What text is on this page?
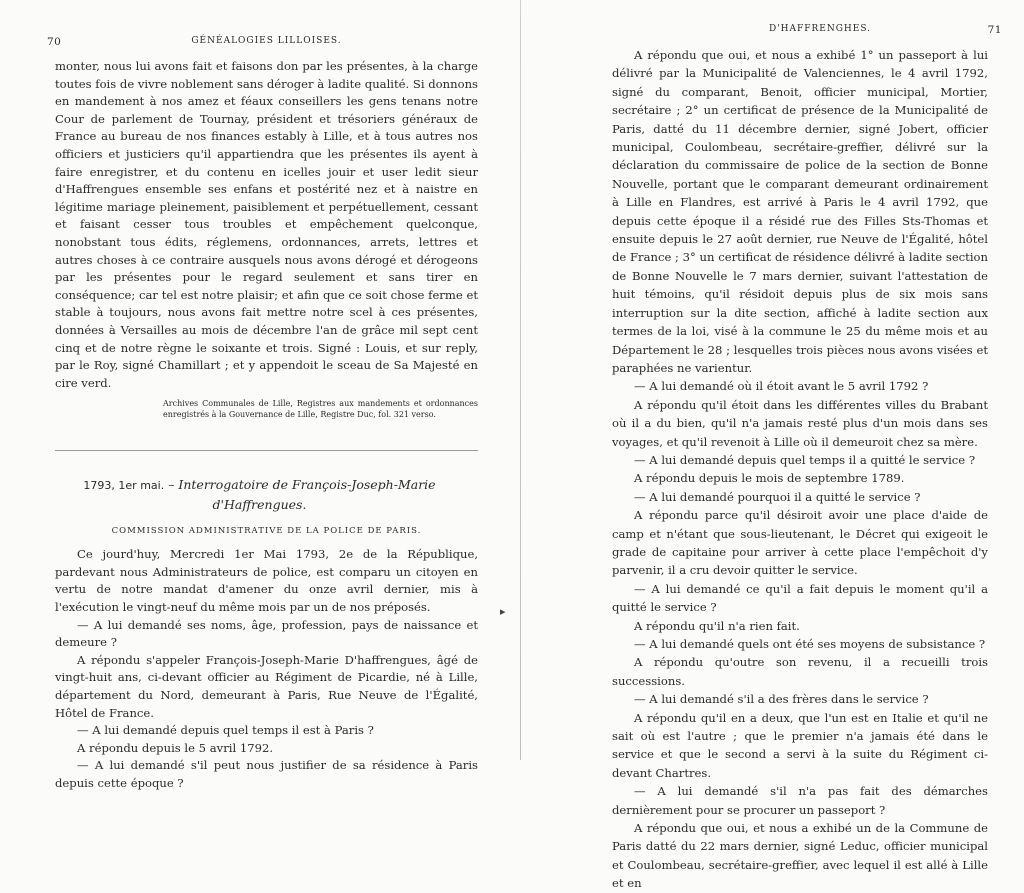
70	GÉNÉALOGIES LILLOISES.

monter, nous lui avons fait et faisons don par les présentes, à la charge toutes fois de vivre noblement sans déroger à ladite qualité. Si donnons en mandement à nos amez et féaux conseillers les gens tenans notre Cour de parlement de Tournay, président et trésoriers généraux de France au bureau de nos finances estably à Lille, et à tous autres nos officiers et justiciers qu'il appartiendra que les présentes ils ayent à faire enregistrer, et du contenu en icelles jouir et user ledit sieur d'Haffrengues ensemble ses enfans et postérité nez et à naistre en légitime mariage pleinement, paisiblement et perpétuellement, cessant et faisant cesser tous troubles et empêchement quelconque, nonobstant tous édits, réglemens, ordonnances, arrets, lettres et autres choses à ce contraire ausquels nous avons dérogé et dérogeons par les présentes pour le regard seulement et sans tirer en conséquence; car tel est notre plaisir; et afin que ce soit chose ferme et stable à toujours, nous avons fait mettre notre scel à ces présentes, données à Versailles au mois de décembre l'an de grâce mil sept cent cinq et de notre règne le soixante et trois. Signé : Louis, et sur reply, par le Roy, signé Chamillart ; et y appendoit le sceau de Sa Majesté en cire verd.

Archives Communales de Lille, Registres aux mandements et ordonnances enregistrés à la Gouvernance de Lille, Registre Duc, fol. 321 verso.

1793, 1er mai. – Interrogatoire de François-Joseph-Marie d'Haffrengues.
COMMISSION ADMINISTRATIVE DE LA POLICE DE PARIS.

Ce jourd'huy, Mercredi 1er Mai 1793, 2e de la République, pardevant nous Administrateurs de police, est comparu un citoyen en vertu de notre mandat d'amener du onze avril dernier, mis à l'exécution le vingt-neuf du même mois par un de nos préposés.

— A lui demandé ses noms, âge, profession, pays de naissance et demeure ?

A répondu s'appeler François-Joseph-Marie D'haffrengues, âgé de vingt-huit ans, ci-devant officier au Régiment de Picardie, né à Lille, département du Nord, demeurant à Paris, Rue Neuve de l'Égalité, Hôtel de France.

— A lui demandé depuis quel temps il est à Paris ?

A répondu depuis le 5 avril 1792.

— A lui demandé s'il peut nous justifier de sa résidence à Paris depuis cette époque ?

▸
D'HAFFRENGHES.	71

A répondu que oui, et nous a exhibé 1° un passeport à lui délivré par la Municipalité de Valenciennes, le 4 avril 1792, signé du comparant, Benoit, officier municipal, Mortier, secrétaire ; 2° un certificat de présence de la Municipalité de Paris, datté du 11 décembre dernier, signé Jobert, officier municipal, Coulombeau, secrétaire-greffier, délivré sur la déclaration du commissaire de police de la section de Bonne Nouvelle, portant que le comparant demeurant ordinairement à Lille en Flandres, est arrivé à Paris le 4 avril 1792, que depuis cette époque il a résidé rue des Filles Sts-Thomas et ensuite depuis le 27 août dernier, rue Neuve de l'Égalité, hôtel de France ; 3° un certificat de résidence délivré à ladite section de Bonne Nouvelle le 7 mars dernier, suivant l'attestation de huit témoins, qu'il résidoit depuis plus de six mois sans interruption sur la dite section, affiché à ladite section aux termes de la loi, visé à la commune le 25 du même mois et au Département le 28 ; lesquelles trois pièces nous avons visées et paraphées ne varientur.

— A lui demandé où il étoit avant le 5 avril 1792 ?

A répondu qu'il étoit dans les différentes villes du Brabant où il a du bien, qu'il n'a jamais resté plus d'un mois dans ses voyages, et qu'il revenoit à Lille où il demeuroit chez sa mère.

— A lui demandé depuis quel temps il a quitté le service ?

A répondu depuis le mois de septembre 1789.

— A lui demandé pourquoi il a quitté le service ?

A répondu parce qu'il désiroit avoir une place d'aide de camp et n'étant que sous-lieutenant, le Décret qui exigeoit le grade de capitaine pour arriver à cette place l'empêchoit d'y parvenir, il a cru devoir quitter le service.

— A lui demandé ce qu'il a fait depuis le moment qu'il a quitté le service ?

A répondu qu'il n'a rien fait.

— A lui demandé quels ont été ses moyens de subsistance ?

A répondu qu'outre son revenu, il a recueilli trois successions.

— A lui demandé s'il a des frères dans le service ?

A répondu qu'il en a deux, que l'un est en Italie et qu'il ne sait où est l'autre ; que le premier n'a jamais été dans le service et que le second a servi à la suite du Régiment ci-devant Chartres.

— A lui demandé s'il n'a pas fait des démarches dernièrement pour se procurer un passeport ?

A répondu que oui, et nous a exhibé un de la Commune de Paris datté du 22 mars dernier, signé Leduc, officier municipal et Coulombeau, secrétaire-greffier, avec lequel il est allé à Lille et en
